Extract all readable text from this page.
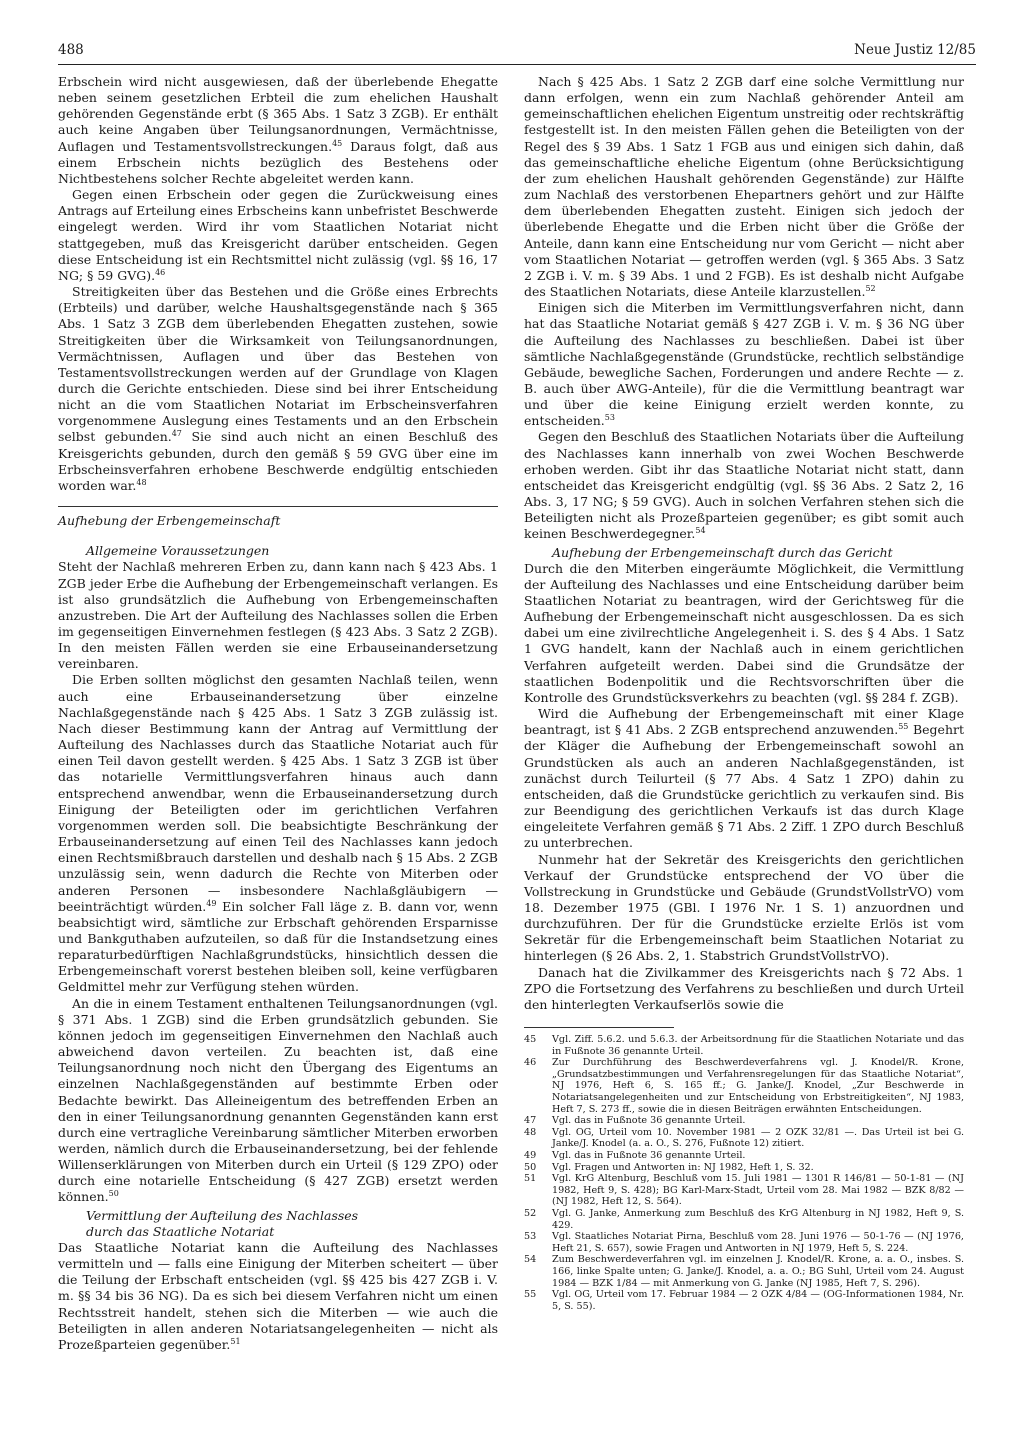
488	Neue Justiz 12/85

Erbschein wird nicht ausgewiesen, daß der überlebende Ehegatte neben seinem gesetzlichen Erbteil die zum ehelichen Haushalt gehörenden Gegenstände erbt (§ 365 Abs. 1 Satz 3 ZGB). Er enthält auch keine Angaben über Teilungsanordnungen, Vermächtnisse, Auflagen und Testamentsvollstreckungen.$^{45}$ Daraus folgt, daß aus einem Erbschein nichts bezüglich des Bestehens oder Nichtbestehens solcher Rechte abgeleitet werden kann.

Gegen einen Erbschein oder gegen die Zurückweisung eines Antrags auf Erteilung eines Erbscheins kann unbefristet Beschwerde eingelegt werden. Wird ihr vom Staatlichen Notariat nicht stattgegeben, muß das Kreisgericht darüber entscheiden. Gegen diese Entscheidung ist ein Rechtsmittel nicht zulässig (vgl. §§ 16, 17 NG; § 59 GVG).$^{46}$

Streitigkeiten über das Bestehen und die Größe eines Erbrechts (Erbteils) und darüber, welche Haushaltsgegenstände nach § 365 Abs. 1 Satz 3 ZGB dem überlebenden Ehegatten zustehen, sowie Streitigkeiten über die Wirksamkeit von Teilungsanordnungen, Vermächtnissen, Auflagen und über das Bestehen von Testamentsvollstreckungen werden auf der Grundlage von Klagen durch die Gerichte entschieden. Diese sind bei ihrer Entscheidung nicht an die vom Staatlichen Notariat im Erbscheinsverfahren vorgenommene Auslegung eines Testaments und an den Erbschein selbst gebunden.$^{47}$ Sie sind auch nicht an einen Beschluß des Kreisgerichts gebunden, durch den gemäß § 59 GVG über eine im Erbscheinsverfahren erhobene Beschwerde endgültig entschieden worden war.$^{48}$

Aufhebung der Erbengemeinschaft
Allgemeine Voraussetzungen

Steht der Nachlaß mehreren Erben zu, dann kann nach § 423 Abs. 1 ZGB jeder Erbe die Aufhebung der Erbengemeinschaft verlangen. Es ist also grundsätzlich die Aufhebung von Erbengemeinschaften anzustreben. Die Art der Aufteilung des Nachlasses sollen die Erben im gegenseitigen Einvernehmen festlegen (§ 423 Abs. 3 Satz 2 ZGB). In den meisten Fällen werden sie eine Erbauseinandersetzung vereinbaren.

Die Erben sollten möglichst den gesamten Nachlaß teilen, wenn auch eine Erbauseinandersetzung über einzelne Nachlaßgegenstände nach § 425 Abs. 1 Satz 3 ZGB zulässig ist. Nach dieser Bestimmung kann der Antrag auf Vermittlung der Aufteilung des Nachlasses durch das Staatliche Notariat auch für einen Teil davon gestellt werden. § 425 Abs. 1 Satz 3 ZGB ist über das notarielle Vermittlungsverfahren hinaus auch dann entsprechend anwendbar, wenn die Erbauseinandersetzung durch Einigung der Beteiligten oder im gerichtlichen Verfahren vorgenommen werden soll. Die beabsichtigte Beschränkung der Erbauseinandersetzung auf einen Teil des Nachlasses kann jedoch einen Rechtsmißbrauch darstellen und deshalb nach § 15 Abs. 2 ZGB unzulässig sein, wenn dadurch die Rechte von Miterben oder anderen Personen — insbesondere Nachlaßgläubigern — beeinträchtigt würden.$^{49}$ Ein solcher Fall läge z. B. dann vor, wenn beabsichtigt wird, sämtliche zur Erbschaft gehörenden Ersparnisse und Bankguthaben aufzuteilen, so daß für die Instandsetzung eines reparaturbedürftigen Nachlaßgrundstücks, hinsichtlich dessen die Erbengemeinschaft vorerst bestehen bleiben soll, keine verfügbaren Geldmittel mehr zur Verfügung stehen würden.

An die in einem Testament enthaltenen Teilungsanordnungen (vgl. § 371 Abs. 1 ZGB) sind die Erben grundsätzlich gebunden. Sie können jedoch im gegenseitigen Einvernehmen den Nachlaß auch abweichend davon verteilen. Zu beachten ist, daß eine Teilungsanordnung noch nicht den Übergang des Eigentums an einzelnen Nachlaßgegenständen auf bestimmte Erben oder Bedachte bewirkt. Das Alleineigentum des betreffenden Erben an den in einer Teilungsanordnung genannten Gegenständen kann erst durch eine vertragliche Vereinbarung sämtlicher Miterben erworben werden, nämlich durch die Erbauseinandersetzung, bei der fehlende Willenserklärungen von Miterben durch ein Urteil (§ 129 ZPO) oder durch eine notarielle Entscheidung (§ 427 ZGB) ersetzt werden können.$^{50}$

Vermittlung der Aufteilung des Nachlasses
durch das Staatliche Notariat

Das Staatliche Notariat kann die Aufteilung des Nachlasses vermitteln und — falls eine Einigung der Miterben scheitert — über die Teilung der Erbschaft entscheiden (vgl. §§ 425 bis 427 ZGB i. V. m. §§ 34 bis 36 NG). Da es sich bei diesem Verfahren nicht um einen Rechtsstreit handelt, stehen sich die Miterben — wie auch die Beteiligten in allen anderen Notariatsangelegenheiten — nicht als Prozeßparteien gegenüber.$^{51}$

Nach § 425 Abs. 1 Satz 2 ZGB darf eine solche Vermittlung nur dann erfolgen, wenn ein zum Nachlaß gehörender Anteil am gemeinschaftlichen ehelichen Eigentum unstreitig oder rechtskräftig festgestellt ist. In den meisten Fällen gehen die Beteiligten von der Regel des § 39 Abs. 1 Satz 1 FGB aus und einigen sich dahin, daß das gemeinschaftliche eheliche Eigentum (ohne Berücksichtigung der zum ehelichen Haushalt gehörenden Gegenstände) zur Hälfte zum Nachlaß des verstorbenen Ehepartners gehört und zur Hälfte dem überlebenden Ehegatten zusteht. Einigen sich jedoch der überlebende Ehegatte und die Erben nicht über die Größe der Anteile, dann kann eine Entscheidung nur vom Gericht — nicht aber vom Staatlichen Notariat — getroffen werden (vgl. § 365 Abs. 3 Satz 2 ZGB i. V. m. § 39 Abs. 1 und 2 FGB). Es ist deshalb nicht Aufgabe des Staatlichen Notariats, diese Anteile klarzustellen.$^{52}$

Einigen sich die Miterben im Vermittlungsverfahren nicht, dann hat das Staatliche Notariat gemäß § 427 ZGB i. V. m. § 36 NG über die Aufteilung des Nachlasses zu beschließen. Dabei ist über sämtliche Nachlaßgegenstände (Grundstücke, rechtlich selbständige Gebäude, bewegliche Sachen, Forderungen und andere Rechte — z. B. auch über AWG-Anteile), für die die Vermittlung beantragt war und über die keine Einigung erzielt werden konnte, zu entscheiden.$^{53}$

Gegen den Beschluß des Staatlichen Notariats über die Aufteilung des Nachlasses kann innerhalb von zwei Wochen Beschwerde erhoben werden. Gibt ihr das Staatliche Notariat nicht statt, dann entscheidet das Kreisgericht endgültig (vgl. §§ 36 Abs. 2 Satz 2, 16 Abs. 3, 17 NG; § 59 GVG). Auch in solchen Verfahren stehen sich die Beteiligten nicht als Prozeßparteien gegenüber; es gibt somit auch keinen Beschwerdegegner.$^{54}$

Aufhebung der Erbengemeinschaft durch das Gericht

Durch die den Miterben eingeräumte Möglichkeit, die Vermittlung der Aufteilung des Nachlasses und eine Entscheidung darüber beim Staatlichen Notariat zu beantragen, wird der Gerichtsweg für die Aufhebung der Erbengemeinschaft nicht ausgeschlossen. Da es sich dabei um eine zivilrechtliche Angelegenheit i. S. des § 4 Abs. 1 Satz 1 GVG handelt, kann der Nachlaß auch in einem gerichtlichen Verfahren aufgeteilt werden. Dabei sind die Grundsätze der staatlichen Bodenpolitik und die Rechtsvorschriften über die Kontrolle des Grundstücksverkehrs zu beachten (vgl. §§ 284 f. ZGB).

Wird die Aufhebung der Erbengemeinschaft mit einer Klage beantragt, ist § 41 Abs. 2 ZGB entsprechend anzuwenden.$^{55}$ Begehrt der Kläger die Aufhebung der Erbengemeinschaft sowohl an Grundstücken als auch an anderen Nachlaßgegenständen, ist zunächst durch Teilurteil (§ 77 Abs. 4 Satz 1 ZPO) dahin zu entscheiden, daß die Grundstücke gerichtlich zu verkaufen sind. Bis zur Beendigung des gerichtlichen Verkaufs ist das durch Klage eingeleitete Verfahren gemäß § 71 Abs. 2 Ziff. 1 ZPO durch Beschluß zu unterbrechen.

Nunmehr hat der Sekretär des Kreisgerichts den gerichtlichen Verkauf der Grundstücke entsprechend der VO über die Vollstreckung in Grundstücke und Gebäude (GrundstVollstrVO) vom 18. Dezember 1975 (GBl. I 1976 Nr. 1 S. 1) anzuordnen und durchzuführen. Der für die Grundstücke erzielte Erlös ist vom Sekretär für die Erbengemeinschaft beim Staatlichen Notariat zu hinterlegen (§ 26 Abs. 2, 1. Stabstrich GrundstVollstrVO).

Danach hat die Zivilkammer des Kreisgerichts nach § 72 Abs. 1 ZPO die Fortsetzung des Verfahrens zu beschließen und durch Urteil den hinterlegten Verkaufserlös sowie die

45	Vgl. Ziff. 5.6.2. und 5.6.3. der Arbeitsordnung für die Staatlichen Notariate und das in Fußnote 36 genannte Urteil.
46	Zur Durchführung des Beschwerdeverfahrens vgl. J. Knodel/R. Krone, „Grundsatzbestimmungen und Verfahrensregelungen für das Staatliche Notariat“, NJ 1976, Heft 6, S. 165 ff.; G. Janke/J. Knodel, „Zur Beschwerde in Notariatsangelegenheiten und zur Entscheidung von Erbstreitigkeiten“, NJ 1983, Heft 7, S. 273 ff., sowie die in diesen Beiträgen erwähnten Entscheidungen.
47	Vgl. das in Fußnote 36 genannte Urteil.
48	Vgl. OG, Urteil vom 10. November 1981 — 2 OZK 32/81 —. Das Urteil ist bei G. Janke/J. Knodel (a. a. O., S. 276, Fußnote 12) zitiert.
49	Vgl. das in Fußnote 36 genannte Urteil.
50	Vgl. Fragen und Antworten in: NJ 1982, Heft 1, S. 32.
51	Vgl. KrG Altenburg, Beschluß vom 15. Juli 1981 — 1301 R 146/81 — 50-1-81 — (NJ 1982, Heft 9, S. 428); BG Karl-Marx-Stadt, Urteil vom 28. Mai 1982 — BZK 8/82 — (NJ 1982, Heft 12, S. 564).
52	Vgl. G. Janke, Anmerkung zum Beschluß des KrG Altenburg in NJ 1982, Heft 9, S. 429.
53	Vgl. Staatliches Notariat Pirna, Beschluß vom 28. Juni 1976 — 50-1-76 — (NJ 1976, Heft 21, S. 657), sowie Fragen und Antworten in NJ 1979, Heft 5, S. 224.
54	Zum Beschwerdeverfahren vgl. im einzelnen J. Knodel/R. Krone, a. a. O., insbes. S. 166, linke Spalte unten; G. Janke/J. Knodel, a. a. O.; BG Suhl, Urteil vom 24. August 1984 — BZK 1/84 — mit Anmerkung von G. Janke (NJ 1985, Heft 7, S. 296).
55	Vgl. OG, Urteil vom 17. Februar 1984 — 2 OZK 4/84 — (OG-Informationen 1984, Nr. 5, S. 55).
